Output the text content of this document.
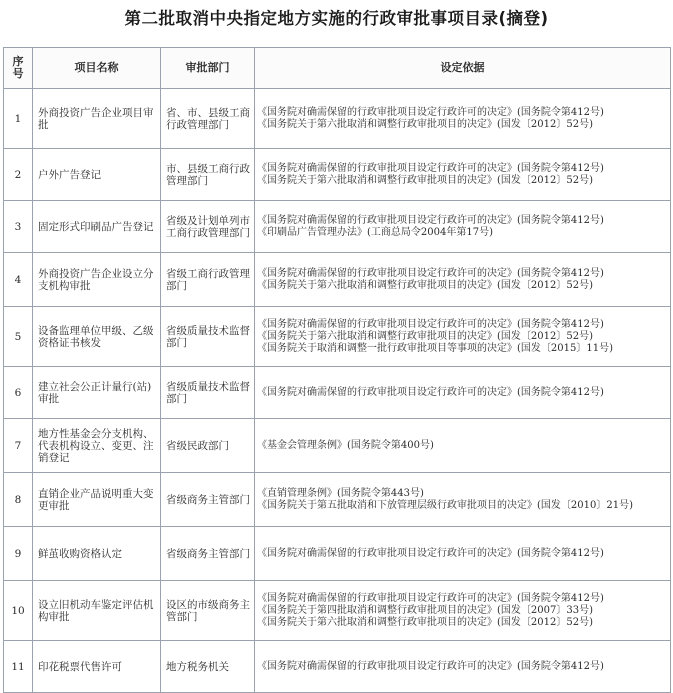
第二批取消中央指定地方实施的行政审批事项目录(摘登)
序号	项目名称	审批部门	设定依据
1	外商投资广告企业项目审批	省、市、县级工商行政管理部门	《国务院对确需保留的行政审批项目设定行政许可的决定》(国务院令第412号)
《国务院关于第六批取消和调整行政审批项目的决定》(国发〔2012〕52号)

2	户外广告登记	市、县级工商行政管理部门	《国务院对确需保留的行政审批项目设定行政许可的决定》(国务院令第412号)
《国务院关于第六批取消和调整行政审批项目的决定》(国发〔2012〕52号)

3	固定形式印刷品广告登记	省级及计划单列市工商行政管理部门	《国务院对确需保留的行政审批项目设定行政许可的决定》(国务院令第412号)
《印刷品广告管理办法》(工商总局令2004年第17号)

4	外商投资广告企业设立分支机构审批	省级工商行政管理部门	《国务院对确需保留的行政审批项目设定行政许可的决定》(国务院令第412号)
《国务院关于第六批取消和调整行政审批项目的决定》(国发〔2012〕52号)

5	设备监理单位甲级、乙级资格证书核发	省级质量技术监督部门	《国务院对确需保留的行政审批项目设定行政许可的决定》(国务院令第412号)
《国务院关于第六批取消和调整行政审批项目的决定》(国发〔2012〕52号)
《国务院关于取消和调整一批行政审批项目等事项的决定》(国发〔2015〕11号)

6	建立社会公正计量行(站)审批	省级质量技术监督部门	《国务院对确需保留的行政审批项目设定行政许可的决定》(国务院令第412号)

7	地方性基金会分支机构、代表机构设立、变更、注销登记	省级民政部门	《基金会管理条例》(国务院令第400号)

8	直销企业产品说明重大变更审批	省级商务主管部门	《直销管理条例》(国务院令第443号)
《国务院关于第五批取消和下放管理层级行政审批项目的决定》(国发〔2010〕21号)

9	鲜茧收购资格认定	省级商务主管部门	《国务院对确需保留的行政审批项目设定行政许可的决定》(国务院令第412号)

10	设立旧机动车鉴定评估机构审批	设区的市级商务主管部门	《国务院对确需保留的行政审批项目设定行政许可的决定》(国务院令第412号)
《国务院关于第四批取消和调整行政审批项目的决定》(国发〔2007〕33号)
《国务院关于第六批取消和调整行政审批项目的决定》(国发〔2012〕52号)

11	印花税票代售许可	地方税务机关	《国务院对确需保留的行政审批项目设定行政许可的决定》(国务院令第412号)
